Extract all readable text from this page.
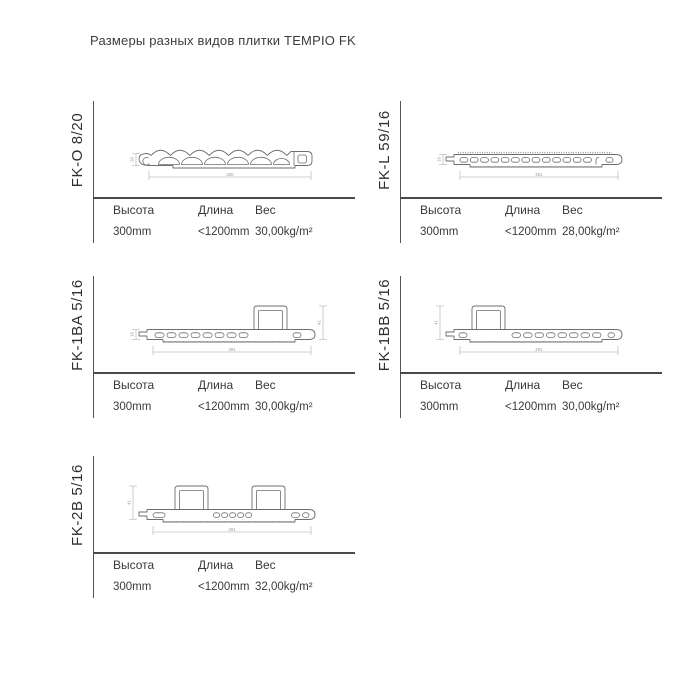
Размеры разных видов плитки TEMPIO FK
FK-O 8/20	250
20
Высота	Длина Вес
300mm	<1200mm 30,00kg/m²
FK-L 59/16	291
16
Высота	Длина Вес
300mm	<1200mm 28,00kg/m²
FK-1BA 5/16	291
16
41
Высота	Длина Вес
300mm	<1200mm 30,00kg/m²
FK-1BB 5/16	291
41
Высота	Длина Вес
300mm	<1200mm 30,00kg/m²
FK-2B 5/16	291
41
Высота	Длина Вес
300mm	<1200mm 32,00kg/m²
